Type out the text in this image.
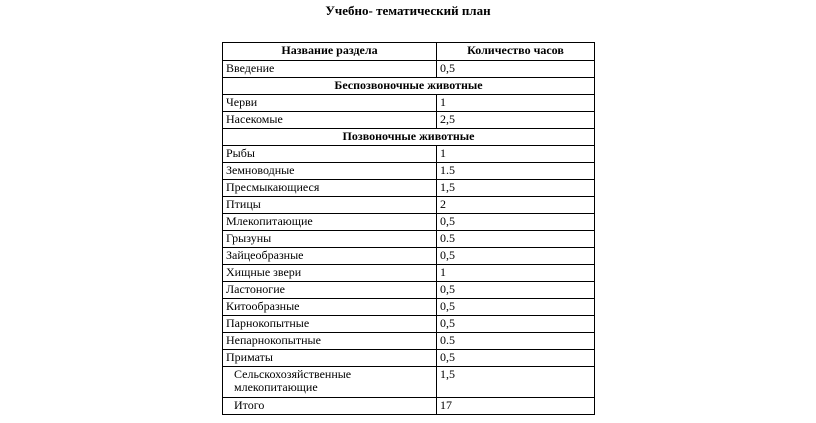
Учебно- тематический план
Название раздела	Количество часов
Введение	0,5
Беспозвоночные животные	
Черви	1
Насекомые	2,5
Позвоночные животные	
Рыбы	1
Земноводные	1.5
Пресмыкающиеся	1,5
Птицы	2
Млекопитающие	0,5
Грызуны	0.5
Зайцеобразные	0,5
Хищные звери	1
Ластоногие	0,5
Китообразные	0,5
Парнокопытные	0,5
Непарнокопытные	0.5
Приматы	0,5
Сельскохозяйственные млекопитающие	1,5
Итого	17
